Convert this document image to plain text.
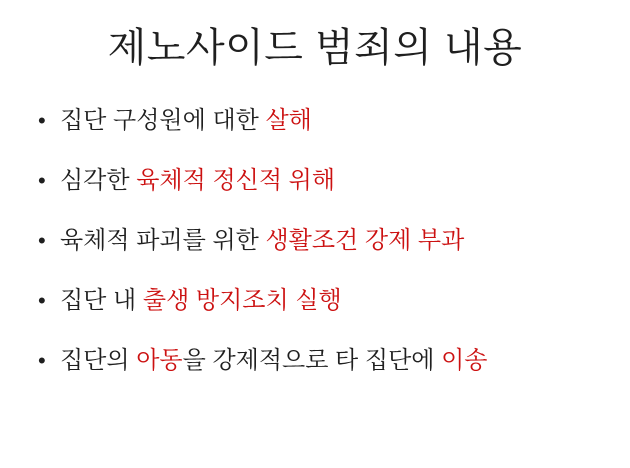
제노사이드 범죄의 내용
• 집단 구성원에 대한 살해
• 심각한 육체적 정신적 위해
• 육체적 파괴를 위한 생활조건 강제 부과
• 집단 내 출생 방지조치 실행
• 집단의 아동을 강제적으로 타 집단에 이송
